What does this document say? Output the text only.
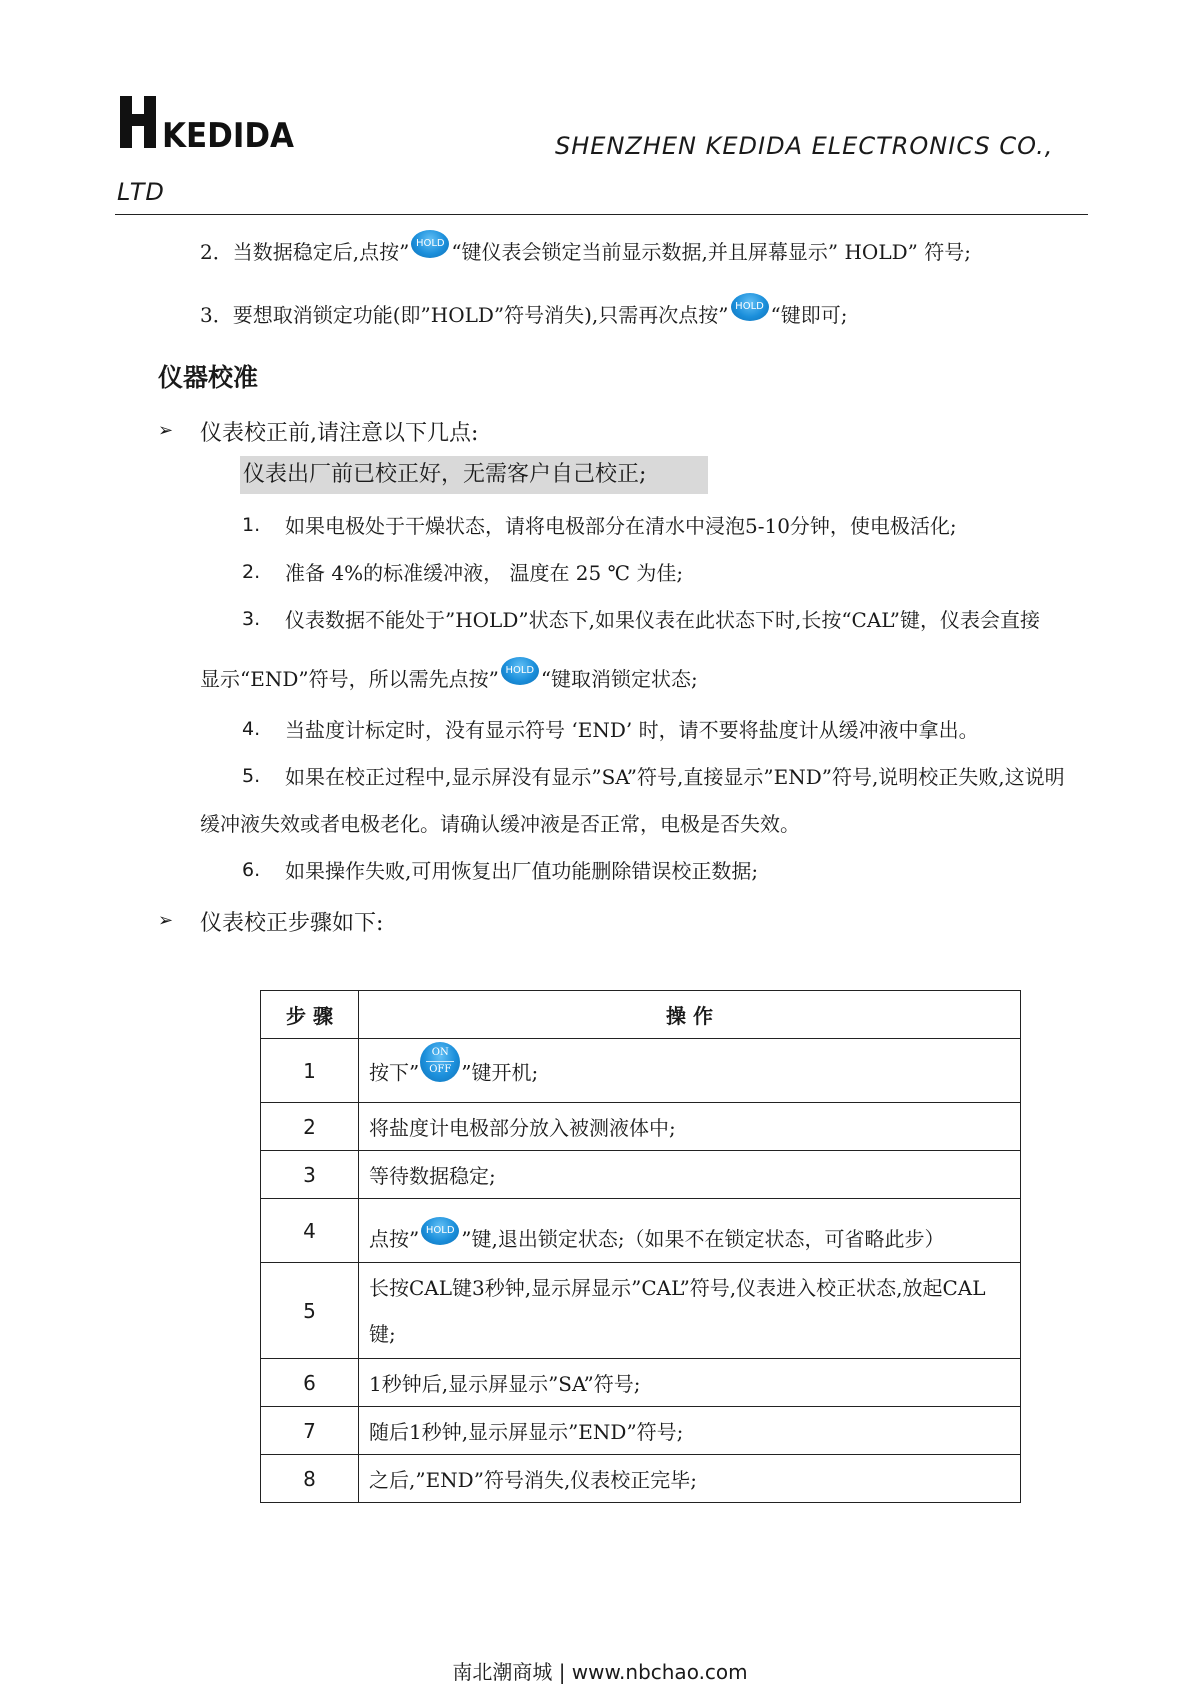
KEDIDA	SHENZHEN KEDIDA ELECTRONICS CO.,
LTD
2．当数据稳定后,点按” HOLD “键仪表会锁定当前显示数据,并且屏幕显示” HOLD” 符号;
3．要想取消锁定功能(即”HOLD”符号消失),只需再次点按” HOLD “键即可;
仪器校准
➢ 仪表校正前,请注意以下几点:
仪表出厂前已校正好，无需客户自己校正;
1. 如果电极处于干燥状态，请将电极部分在清水中浸泡5-10分钟，使电极活化;
2. 准备 4%的标准缓冲液， 温度在 25 ℃ 为佳;
3. 仪表数据不能处于”HOLD”状态下,如果仪表在此状态下时,长按“CAL”键，仪表会直接
显示“END”符号，所以需先点按” HOLD “键取消锁定状态;
4. 当盐度计标定时，没有显示符号 ‘END’ 时，请不要将盐度计从缓冲液中拿出。
5. 如果在校正过程中,显示屏没有显示”SA”符号,直接显示”END”符号,说明校正失败,这说明
缓冲液失效或者电极老化。请确认缓冲液是否正常，电极是否失效。
6. 如果操作失败,可用恢复出厂值功能删除错误校正数据;
➢ 仪表校正步骤如下:
步 骤	操 作
1	按下”
ON
OFF ”键开机;
2	将盐度计电极部分放入被测液体中;
3	等待数据稳定;
4	点按” HOLD ”键,退出锁定状态;（如果不在锁定状态，可省略此步）
5	长按CAL键3秒钟,显示屏显示”CAL”符号,仪表进入校正状态,放起CAL
键;

6	1秒钟后,显示屏显示”SA”符号;
7	随后1秒钟,显示屏显示”END”符号;
8	之后,”END”符号消失,仪表校正完毕;
南北潮商城 | www.nbchao.com
